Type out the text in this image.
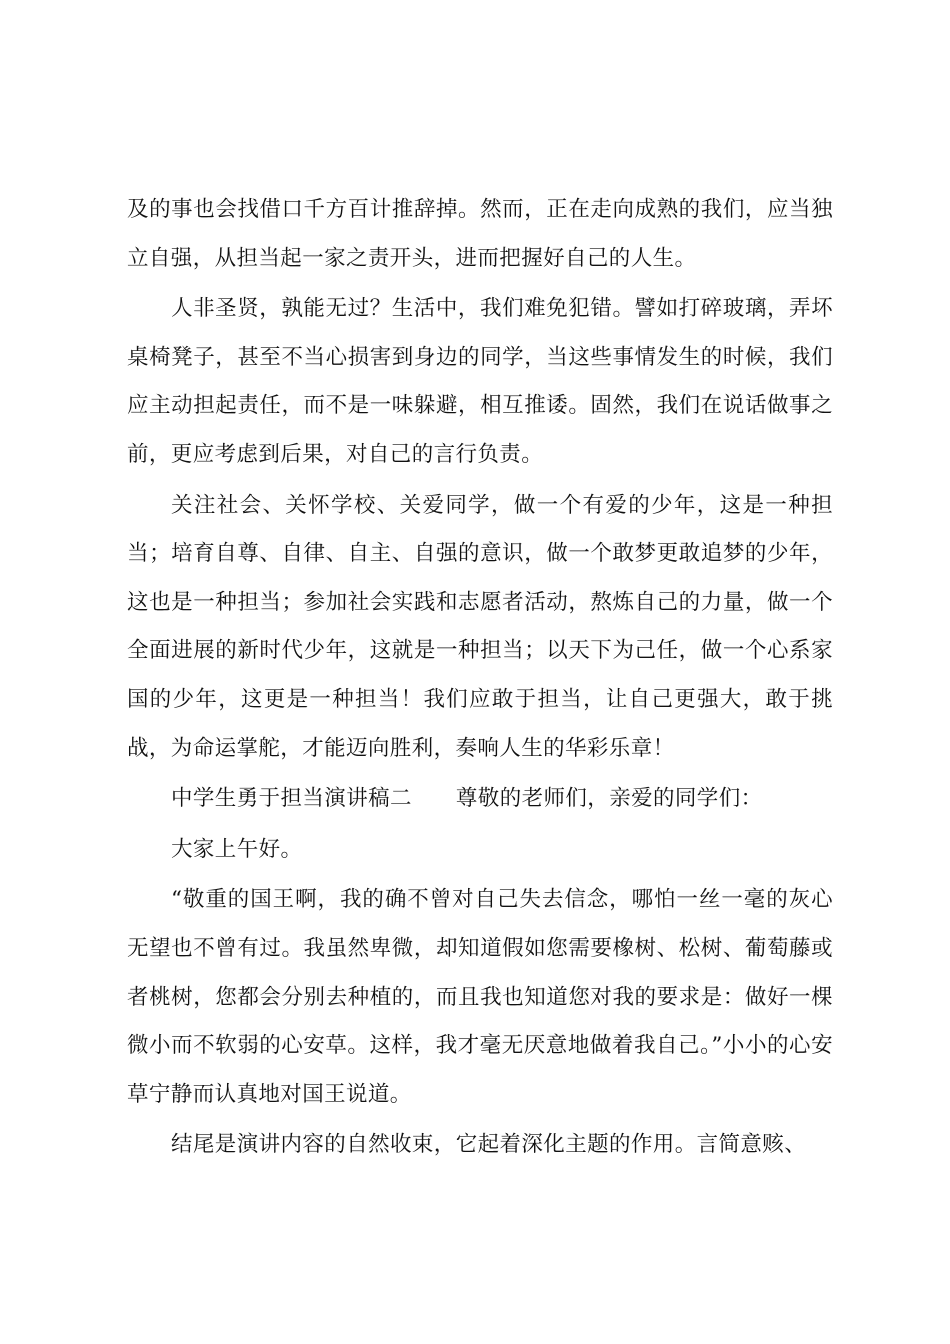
及的事也会找借口千方百计推辞掉。然而，正在走向成熟的我们，应当独立自强，从担当起一家之责开头，进而把握好自己的人生。

人非圣贤，孰能无过？生活中，我们难免犯错。譬如打碎玻璃，弄坏桌椅凳子，甚至不当心损害到身边的同学，当这些事情发生的时候，我们应主动担起责任，而不是一味躲避，相互推诿。固然，我们在说话做事之前，更应考虑到后果，对自己的言行负责。

关注社会、关怀学校、关爱同学，做一个有爱的少年，这是一种担当；培育自尊、自律、自主、自强的意识，做一个敢梦更敢追梦的少年，这也是一种担当；参加社会实践和志愿者活动，熬炼自己的力量，做一个全面进展的新时代少年，这就是一种担当；以天下为己任，做一个心系家国的少年，这更是一种担当！我们应敢于担当，让自己更强大，敢于挑战，为命运掌舵，才能迈向胜利，奏响人生的华彩乐章！

中学生勇于担当演讲稿二 尊敬的老师们，亲爱的同学们：

大家上午好。

“敬重的国王啊，我的确不曾对自己失去信念，哪怕一丝一毫的灰心无望也不曾有过。我虽然卑微，却知道假如您需要橡树、松树、葡萄藤或者桃树，您都会分别去种植的，而且我也知道您对我的要求是：做好一棵微小而不软弱的心安草。这样，我才毫无厌意地做着我自己。”小小的心安草宁静而认真地对国王说道。

结尾是演讲内容的自然收束，它起着深化主题的作用。言简意赅、
